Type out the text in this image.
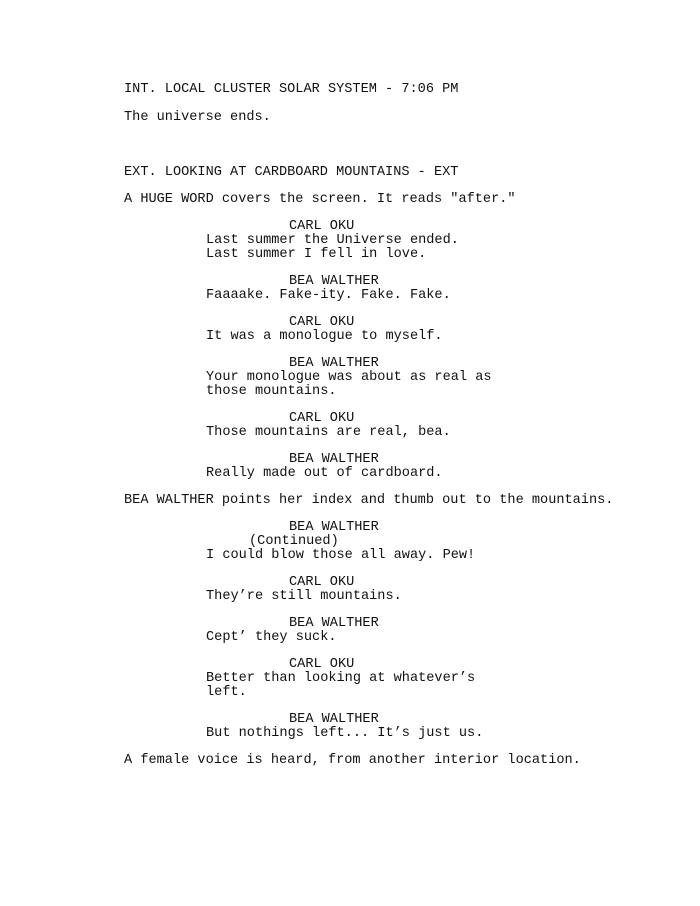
INT. LOCAL CLUSTER SOLAR SYSTEM - 7:06 PM

The universe ends.

EXT. LOOKING AT CARDBOARD MOUNTAINS - EXT

A HUGE WORD covers the screen. It reads "after."

CARL OKU

Last summer the Universe ended.

Last summer I fell in love.

BEA WALTHER

Faaaake. Fake-ity. Fake. Fake.

CARL OKU

It was a monologue to myself.

BEA WALTHER

Your monologue was about as real as

those mountains.

CARL OKU

Those mountains are real, bea.

BEA WALTHER

Really made out of cardboard.

BEA WALTHER points her index and thumb out to the mountains.

BEA WALTHER

(Continued)

I could blow those all away. Pew!

CARL OKU

They’re still mountains.

BEA WALTHER

Cept’ they suck.

CARL OKU

Better than looking at whatever’s

left.

BEA WALTHER

But nothings left... It’s just us.

A female voice is heard, from another interior location.
